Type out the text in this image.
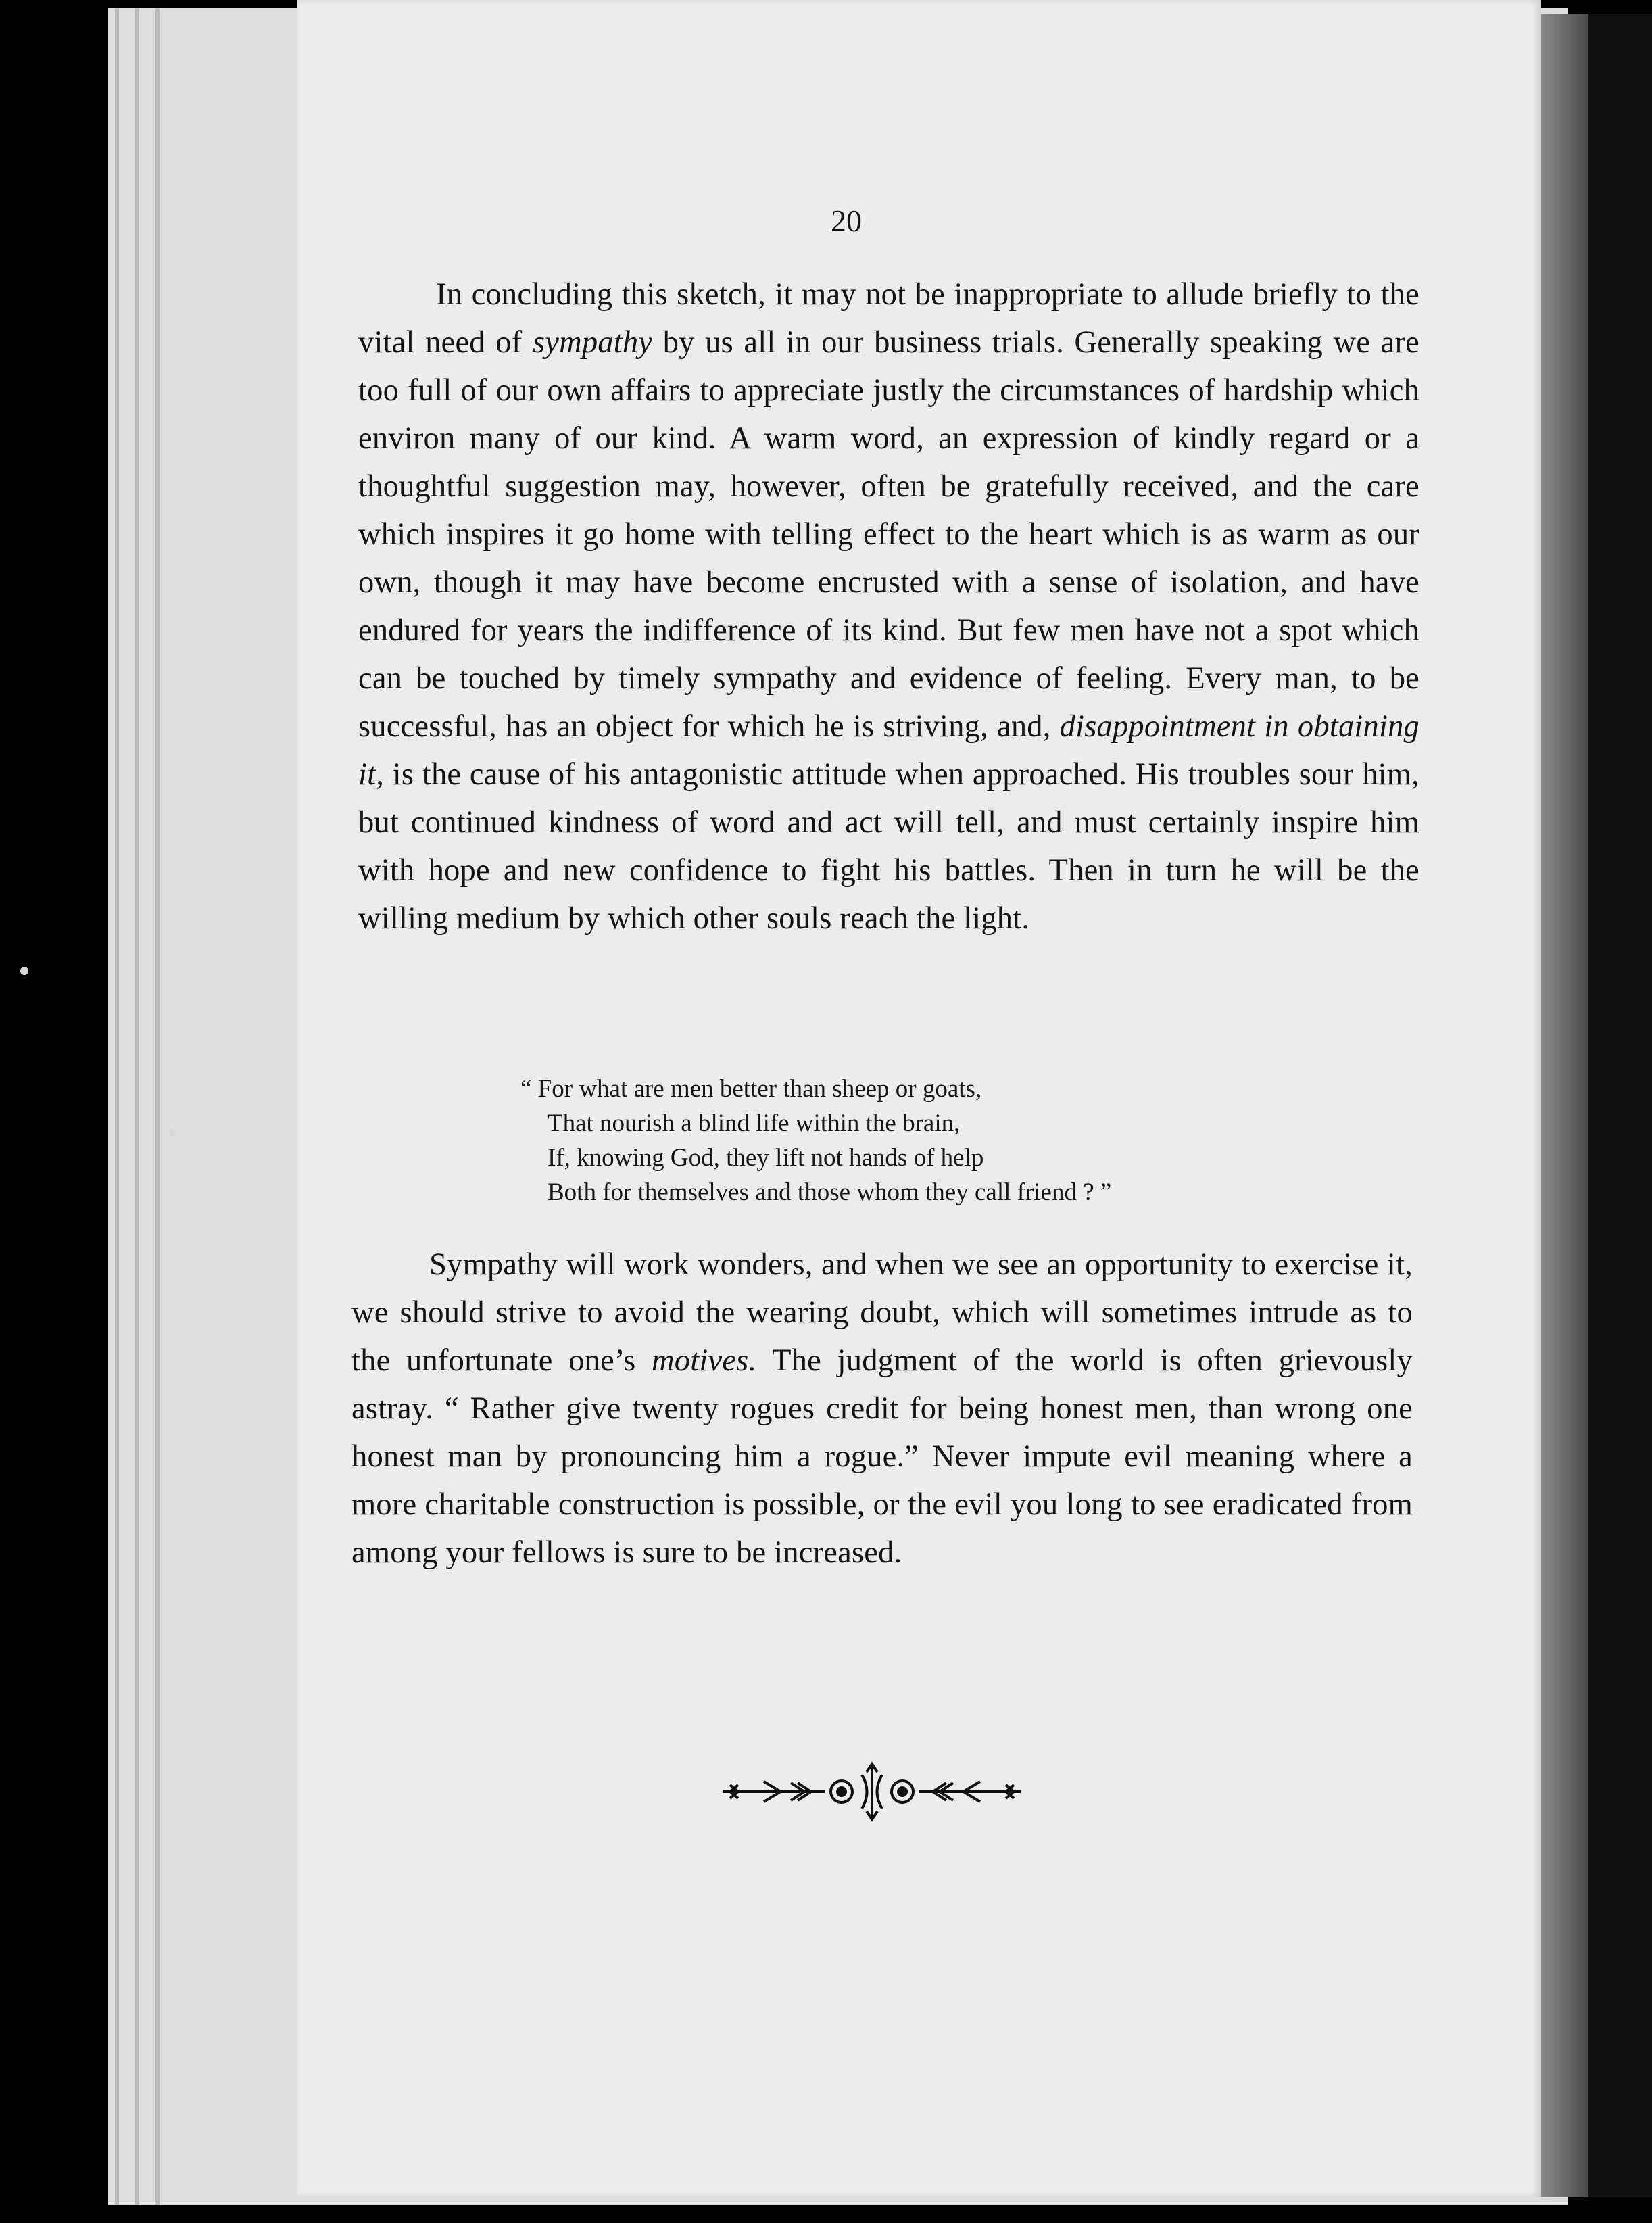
20

In concluding this sketch, it may not be inappropriate to allude briefly to the vital need of sympathy by us all in our business trials. Generally speaking we are too full of our own affairs to appreciate justly the circumstances of hardship which environ many of our kind. A warm word, an expression of kindly regard or a thoughtful suggestion may, however, often be gratefully received, and the care which inspires it go home with telling effect to the heart which is as warm as our own, though it may have become encrusted with a sense of isolation, and have endured for years the indifference of its kind. But few men have not a spot which can be touched by timely sympathy and evidence of feeling. Every man, to be successful, has an object for which he is striving, and, disappointment in obtaining it, is the cause of his antagonistic attitude when approached. His troubles sour him, but continued kindness of word and act will tell, and must certainly inspire him with hope and new confidence to fight his battles. Then in turn he will be the willing medium by which other souls reach the light.

“ For what are men better than sheep or goats,
That nourish a blind life within the brain,
If, knowing God, they lift not hands of help
Both for themselves and those whom they call friend ? ”

Sympathy will work wonders, and when we see an opportunity to exercise it, we should strive to avoid the wearing doubt, which will sometimes intrude as to the unfortunate one’s motives. The judgment of the world is often grievously astray. “ Rather give twenty rogues credit for being honest men, than wrong one honest man by pronouncing him a rogue.” Never impute evil meaning where a more charitable construction is possible, or the evil you long to see eradicated from among your fellows is sure to be increased.
